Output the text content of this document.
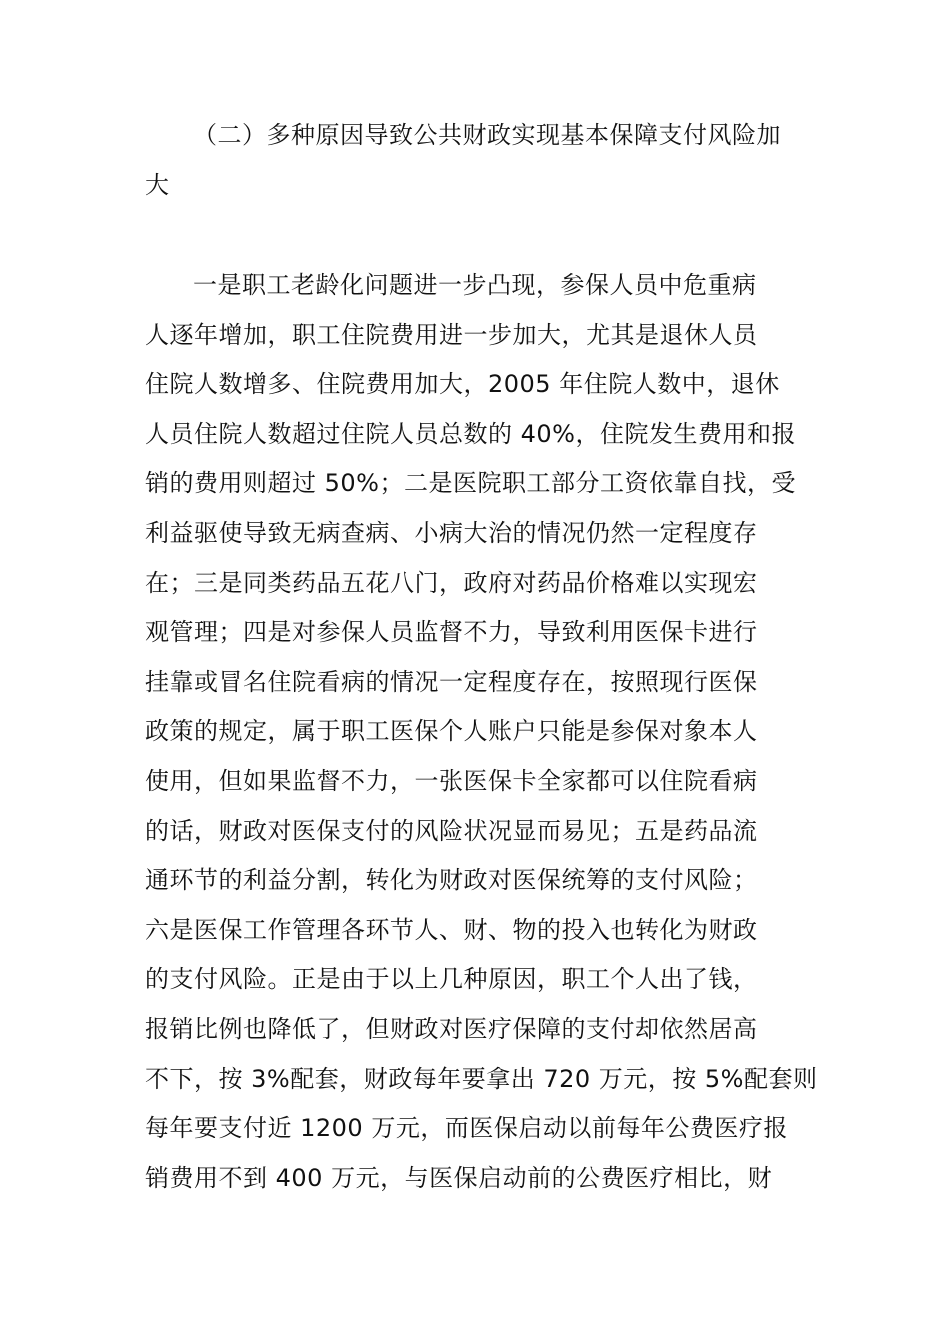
（二）多种原因导致公共财政实现基本保障支付风险加
大
一是职工老龄化问题进一步凸现，参保人员中危重病
人逐年增加，职工住院费用进一步加大，尤其是退休人员
住院人数增多、住院费用加大，2005 年住院人数中，退休
人员住院人数超过住院人员总数的 40%，住院发生费用和报
销的费用则超过 50%；二是医院职工部分工资依靠自找，受
利益驱使导致无病查病、小病大治的情况仍然一定程度存
在；三是同类药品五花八门，政府对药品价格难以实现宏
观管理；四是对参保人员监督不力，导致利用医保卡进行
挂靠或冒名住院看病的情况一定程度存在，按照现行医保
政策的规定，属于职工医保个人账户只能是参保对象本人
使用，但如果监督不力，一张医保卡全家都可以住院看病
的话，财政对医保支付的风险状况显而易见；五是药品流
通环节的利益分割，转化为财政对医保统筹的支付风险；
六是医保工作管理各环节人、财、物的投入也转化为财政
的支付风险。正是由于以上几种原因，职工个人出了钱，
报销比例也降低了，但财政对医疗保障的支付却依然居高
不下，按 3%配套，财政每年要拿出 720 万元，按 5%配套则
每年要支付近 1200 万元，而医保启动以前每年公费医疗报
销费用不到 400 万元，与医保启动前的公费医疗相比，财
